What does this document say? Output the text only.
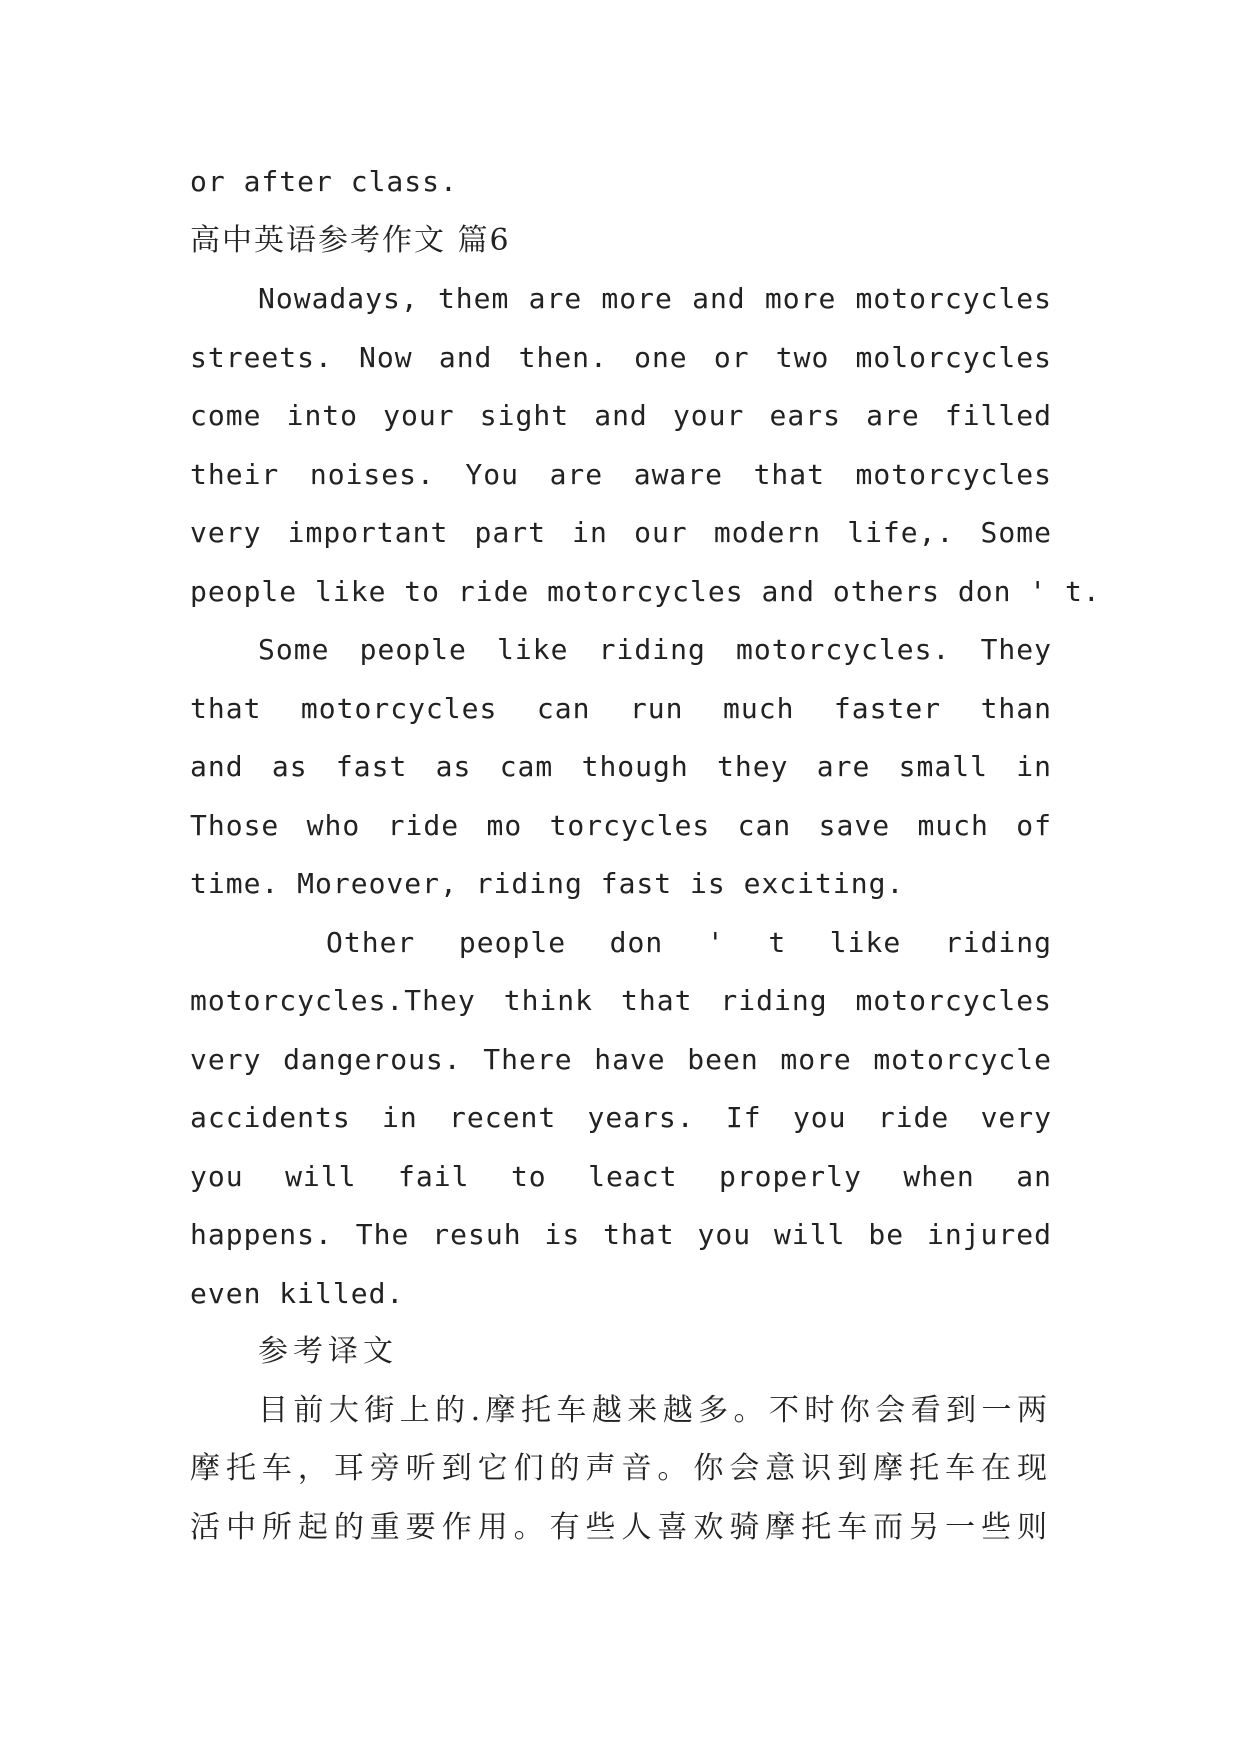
or after class.
高中英语参考作文 篇6
Nowadays, them are more and more motorcycles
streets. Now and then. one or two molorcycles
come into your sight and your ears are filled
their noises. You are aware that motorcycles
very important part in our modern life,. Some
people like to ride motorcycles and others don ' t.
Some people like riding motorcycles. They
that motorcycles can run much faster than
and as fast as cam though they are small in
Those who ride mo torcycles can save much of
time. Moreover, riding fast is exciting.
Other people don ' t like riding
motorcycles.They think that riding motorcycles
very dangerous. There have been more motorcycle
accidents in recent years. If you ride very
you will fail to leact properly when an
happens. The resuh is that you will be injured
even killed.
参考译文
目前大街上的.摩托车越来越多。不时你会看到一两
摩托车，耳旁听到它们的声音。你会意识到摩托车在现
活中所起的重要作用。有些人喜欢骑摩托车而另一些则
